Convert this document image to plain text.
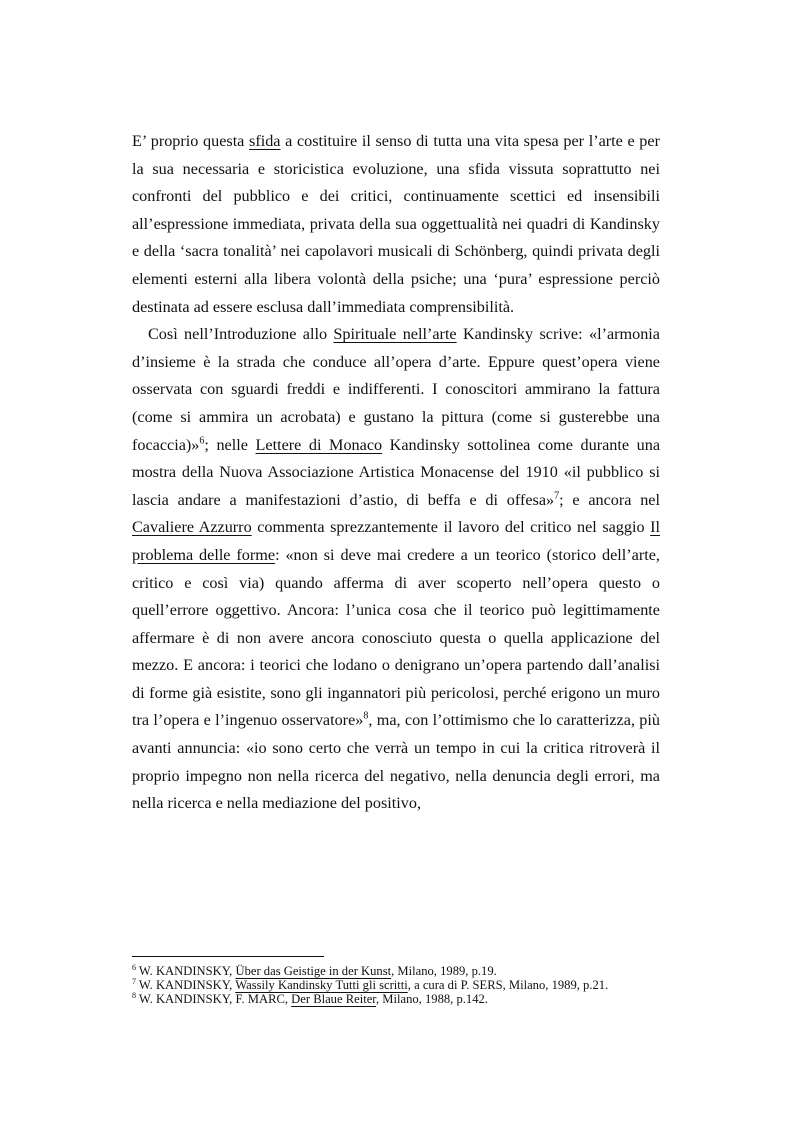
E’ proprio questa sfida a costituire il senso di tutta una vita spesa per l’arte e per la sua necessaria e storicistica evoluzione, una sfida vissuta soprattutto nei confronti del pubblico e dei critici, continuamente scettici ed insensibili all’espressione immediata, privata della sua oggettualità nei quadri di Kandinsky e della ‘sacra tonalità’ nei capolavori musicali di Schönberg, quindi privata degli elementi esterni alla libera volontà della psiche; una ‘pura’ espressione perciò destinata ad essere esclusa dall’immediata comprensibilità.

Così nell’Introduzione allo Spirituale nell’arte Kandinsky scrive: «l’armonia d’insieme è la strada che conduce all’opera d’arte. Eppure quest’opera viene osservata con sguardi freddi e indifferenti. I conoscitori ammirano la fattura (come si ammira un acrobata) e gustano la pittura (come si gusterebbe una focaccia)»$^6$; nelle Lettere di Monaco Kandinsky sottolinea come durante una mostra della Nuova Associazione Artistica Monacense del 1910 «il pubblico si lascia andare a manifestazioni d’astio, di beffa e di offesa»$^7$; e ancora nel Cavaliere Azzurro commenta sprezzantemente il lavoro del critico nel saggio Il problema delle forme: «non si deve mai credere a un teorico (storico dell’arte, critico e così via) quando afferma di aver scoperto nell’opera questo o quell’errore oggettivo. Ancora: l’unica cosa che il teorico può legittimamente affermare è di non avere ancora conosciuto questa o quella applicazione del mezzo. E ancora: i teorici che lodano o denigrano un’opera partendo dall’analisi di forme già esistite, sono gli ingannatori più pericolosi, perché erigono un muro tra l’opera e l’ingenuo osservatore»$^8$, ma, con l’ottimismo che lo caratterizza, più avanti annuncia: «io sono certo che verrà un tempo in cui la critica ritroverà il proprio impegno non nella ricerca del negativo, nella denuncia degli errori, ma nella ricerca e nella mediazione del positivo,

$^6$ W. KANDINSKY, Über das Geistige in der Kunst, Milano, 1989, p.19.

$^7$ W. KANDINSKY, Wassily Kandinsky Tutti gli scritti, a cura di P. SERS, Milano, 1989, p.21.

$^8$ W. KANDINSKY, F. MARC, Der Blaue Reiter, Milano, 1988, p.142.
